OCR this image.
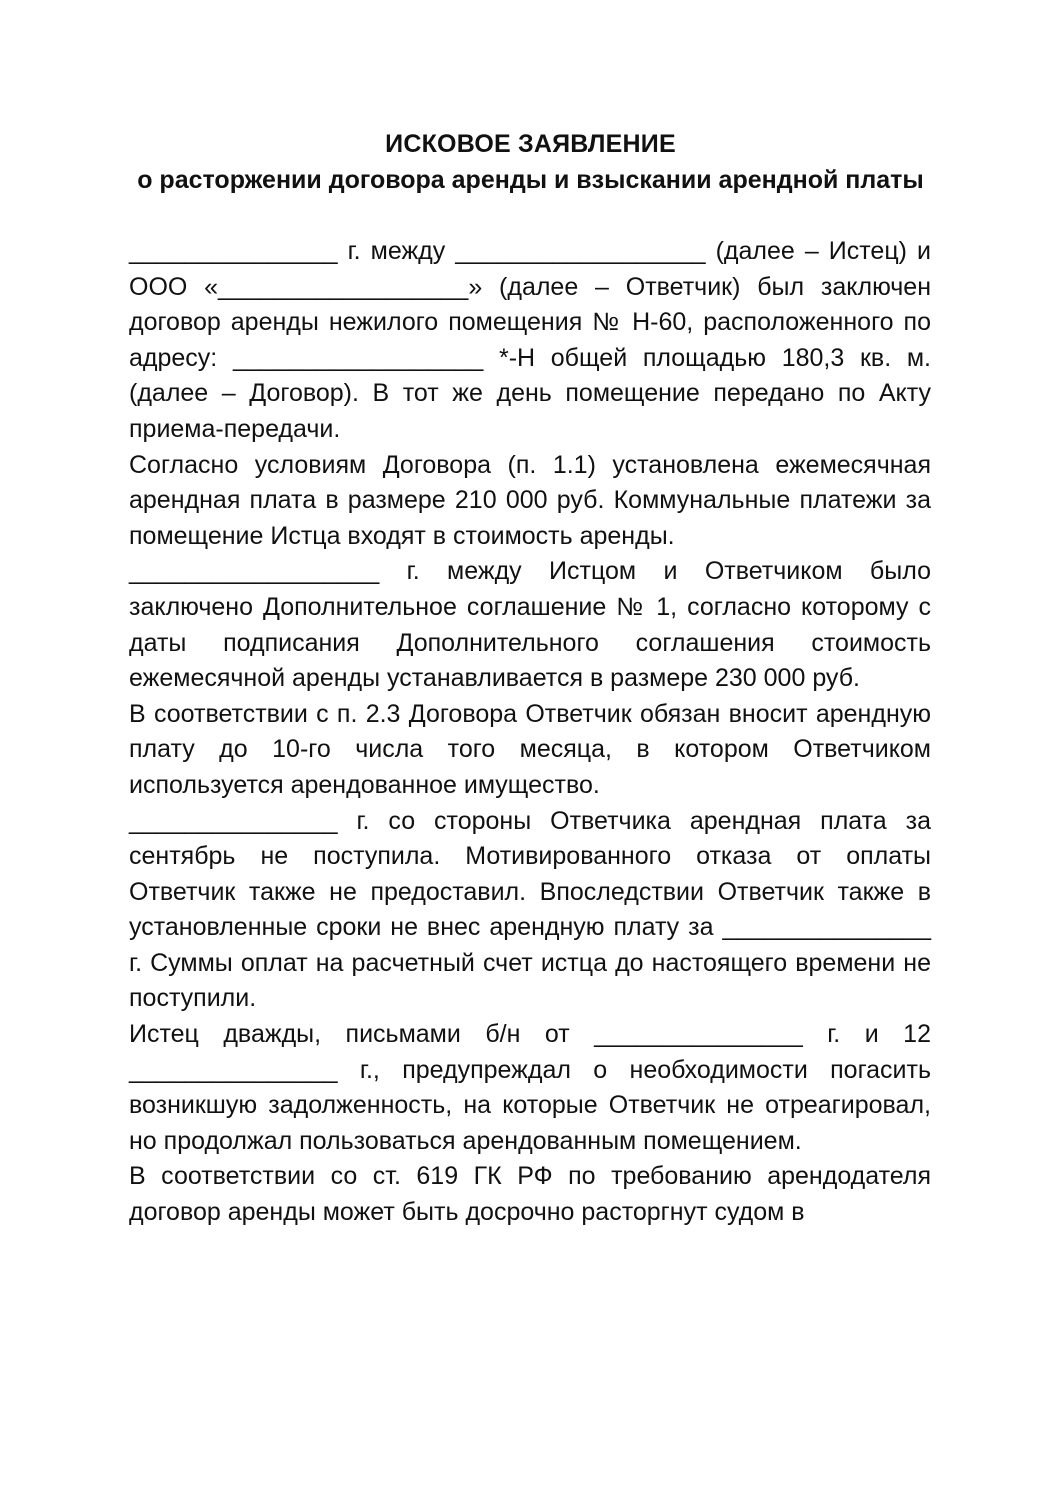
ИСКОВОЕ ЗАЯВЛЕНИЕ

о расторжении договора аренды и взыскании арендной платы

_______________ г. между __________________ (далее – Истец) и ООО «__________________» (далее – Ответчик) был заключен договор аренды нежилого помещения № Н-60, расположенного по адресу: __________________ *-Н общей площадью 180,3 кв. м. (далее – Договор). В тот же день помещение передано по Акту приема-передачи.

Согласно условиям Договора (п. 1.1) установлена ежемесячная арендная плата в размере 210 000 руб. Коммунальные платежи за помещение Истца входят в стоимость аренды.

__________________ г. между Истцом и Ответчиком было заключено Дополнительное соглашение № 1, согласно которому с даты подписания Дополнительного соглашения стоимость ежемесячной аренды устанавливается в размере 230 000 руб.

В соответствии с п. 2.3 Договора Ответчик обязан вносит арендную плату до 10-го числа того месяца, в котором Ответчиком используется арендованное имущество.

_______________ г. со стороны Ответчика арендная плата за сентябрь не поступила. Мотивированного отказа от оплаты Ответчик также не предоставил. Впоследствии Ответчик также в установленные сроки не внес арендную плату за _______________ г. Суммы оплат на расчетный счет истца до настоящего времени не поступили.

Истец дважды, письмами б/н от _______________ г. и 12 _______________ г., предупреждал о необходимости погасить возникшую задолженность, на которые Ответчик не отреагировал, но продолжал пользоваться арендованным помещением.

В соответствии со ст. 619 ГК РФ по требованию арендодателя договор аренды может быть досрочно расторгнут судом в
